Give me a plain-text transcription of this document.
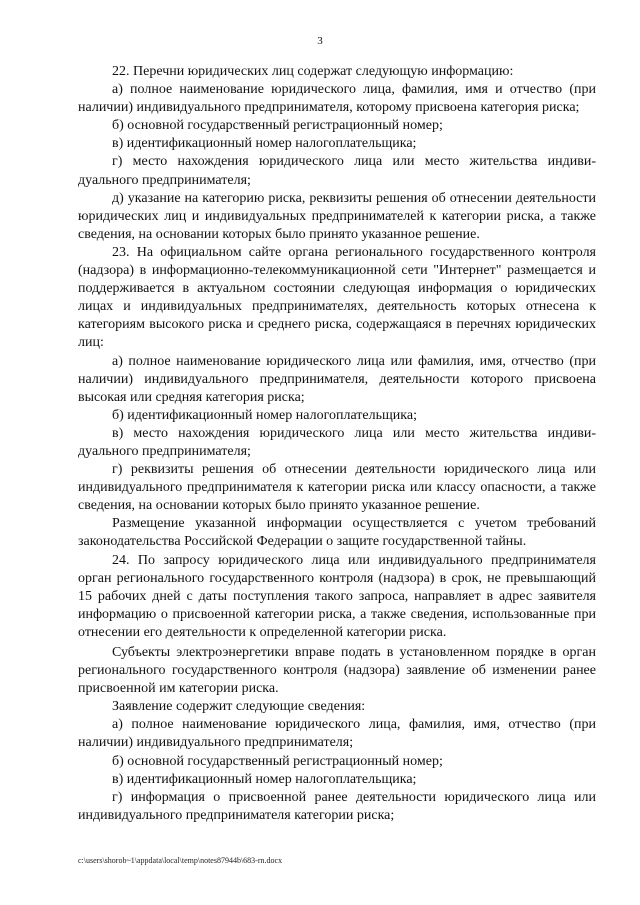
3

22. Перечни юридических лиц содержат следующую информацию:

а) полное наименование юридического лица, фамилия, имя и отчество (при наличии) индивидуального предпринимателя, которому присвоена категория риска;

б) основной государственный регистрационный номер;

в) идентификационный номер налогоплательщика;

г) место нахождения юридического лица или место жительства индивидуального предпринимателя;

д) указание на категорию риска, реквизиты решения об отнесении деятельности юридических лиц и индивидуальных предпринимателей к категории риска, а также сведения, на основании которых было принято указанное решение.

23. На официальном сайте органа регионального государственного контроля (надзора) в информационно-телекоммуникационной сети "Интернет" размещается и поддерживается в актуальном состоянии следующая информация о юридических лицах и индивидуальных предпринимателях, деятельность которых отнесена к категориям высокого риска и среднего риска, содержащаяся в перечнях юридических лиц:

а) полное наименование юридического лица или фамилия, имя, отчество (при наличии) индивидуального предпринимателя, деятельности которого присвоена высокая или средняя категория риска;

б) идентификационный номер налогоплательщика;

в) место нахождения юридического лица или место жительства индивидуального предпринимателя;

г) реквизиты решения об отнесении деятельности юридического лица или индивидуального предпринимателя к категории риска или классу опасности, а также сведения, на основании которых было принято указанное решение.

Размещение указанной информации осуществляется с учетом требований законодательства Российской Федерации о защите государственной тайны.

24. По запросу юридического лица или индивидуального предпринимателя орган регионального государственного контроля (надзора) в срок, не превышающий 15 рабочих дней с даты поступления такого запроса, направляет в адрес заявителя информацию о присвоенной категории риска, а также сведения, использованные при отнесении его деятельности к определенной категории риска.

Субъекты электроэнергетики вправе подать в установленном порядке в орган регионального государственного контроля (надзора) заявление об изменении ранее присвоенной им категории риска.

Заявление содержит следующие сведения:

а) полное наименование юридического лица, фамилия, имя, отчество (при наличии) индивидуального предпринимателя;

б) основной государственный регистрационный номер;

в) идентификационный номер налогоплательщика;

г) информация о присвоенной ранее деятельности юридического лица или индивидуального предпринимателя категории риска;

c:\users\shorob~1\appdata\local\temp\notes87944b\683-rn.docx
